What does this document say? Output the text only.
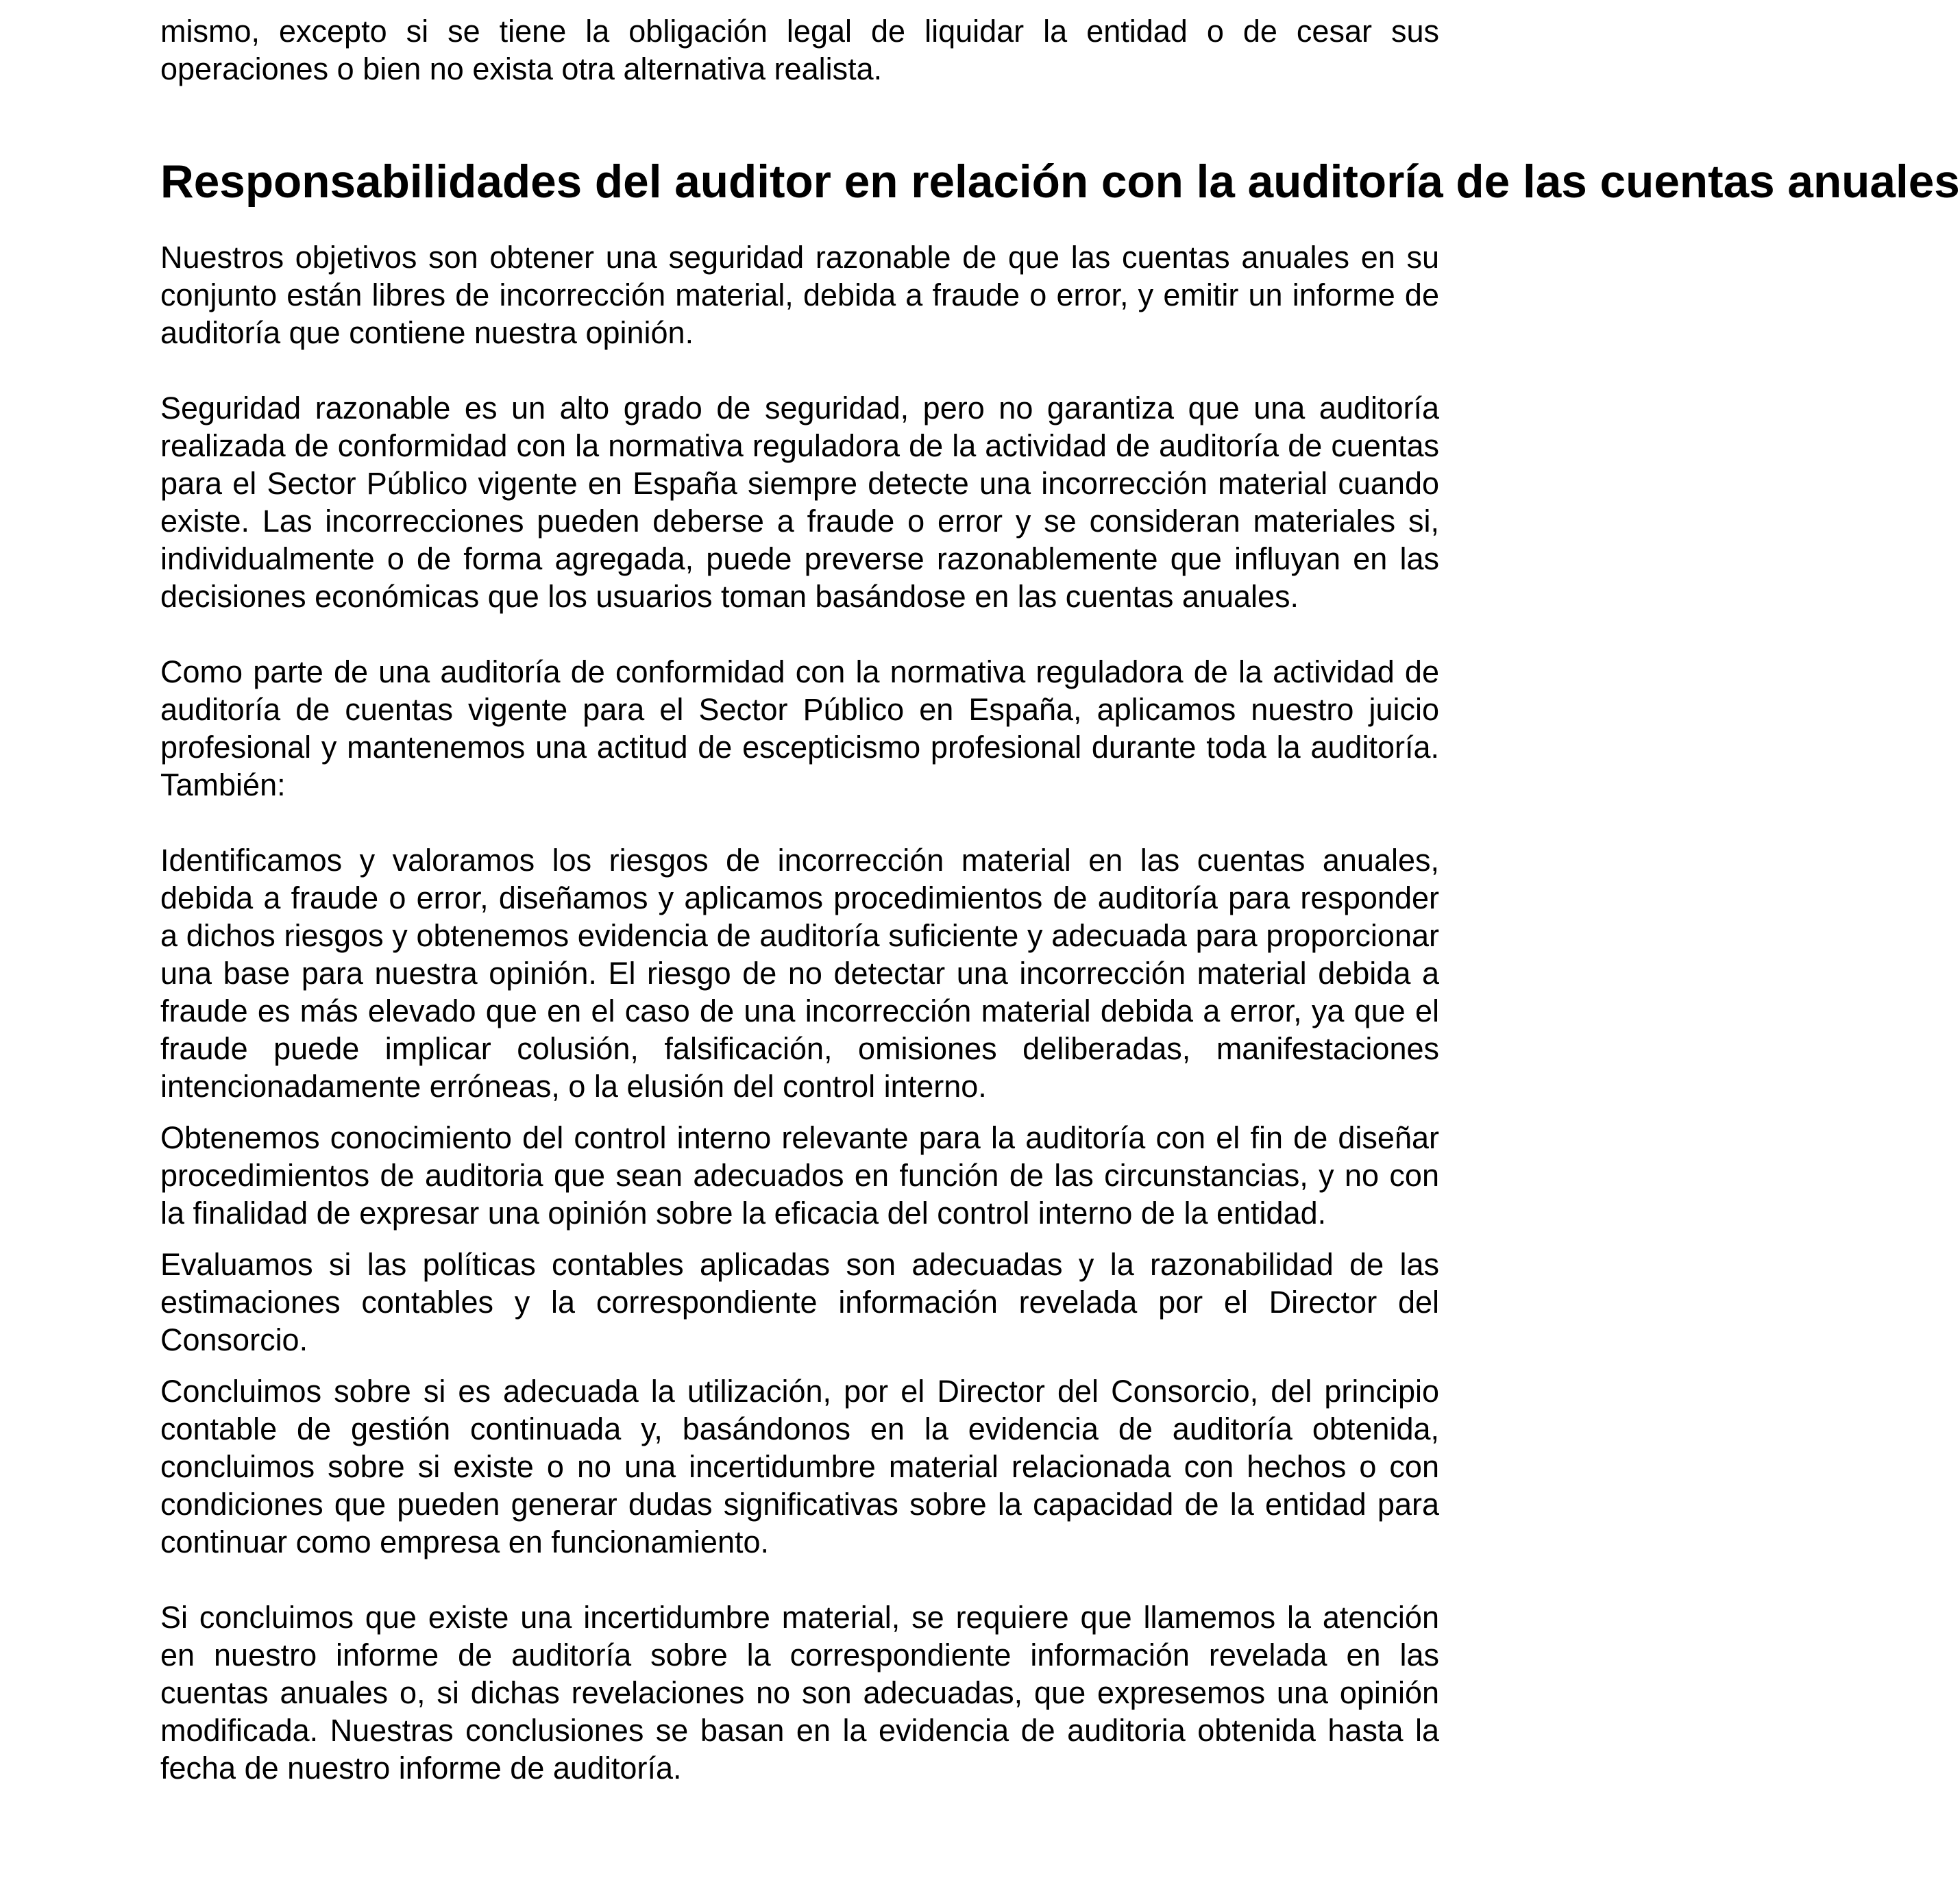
mismo, excepto si se tiene la obligación legal de liquidar la entidad o de cesar sus operaciones o bien no exista otra alternativa realista.

Responsabilidades del auditor en relación con la auditoría de las cuentas anuales

Nuestros objetivos son obtener una seguridad razonable de que las cuentas anuales en su conjunto están libres de incorrección material, debida a fraude o error, y emitir un informe de auditoría que contiene nuestra opinión.

Seguridad razonable es un alto grado de seguridad, pero no garantiza que una auditoría realizada de conformidad con la normativa reguladora de la actividad de auditoría de cuentas para el Sector Público vigente en España siempre detecte una incorrección material cuando existe. Las incorrecciones pueden deberse a fraude o error y se consideran materiales si, individualmente o de forma agregada, puede preverse razonablemente que influyan en las decisiones económicas que los usuarios toman basándose en las cuentas anuales.

Como parte de una auditoría de conformidad con la normativa reguladora de la actividad de auditoría de cuentas vigente para el Sector Público en España, aplicamos nuestro juicio profesional y mantenemos una actitud de escepticismo profesional durante toda la auditoría. También:

Identificamos y valoramos los riesgos de incorrección material en las cuentas anuales, debida a fraude o error, diseñamos y aplicamos procedimientos de auditoría para responder a dichos riesgos y obtenemos evidencia de auditoría suficiente y adecuada para proporcionar una base para nuestra opinión. El riesgo de no detectar una incorrección material debida a fraude es más elevado que en el caso de una incorrección material debida a error, ya que el fraude puede implicar colusión, falsificación, omisiones deliberadas, manifestaciones intencionadamente erróneas, o la elusión del control interno.

Obtenemos conocimiento del control interno relevante para la auditoría con el fin de diseñar procedimientos de auditoria que sean adecuados en función de las circunstancias, y no con la finalidad de expresar una opinión sobre la eficacia del control interno de la entidad.

Evaluamos si las políticas contables aplicadas son adecuadas y la razonabilidad de las estimaciones contables y la correspondiente información revelada por el Director del Consorcio.

Concluimos sobre si es adecuada la utilización, por el Director del Consorcio, del principio contable de gestión continuada y, basándonos en la evidencia de auditoría obtenida, concluimos sobre si existe o no una incertidumbre material relacionada con hechos o con condiciones que pueden generar dudas significativas sobre la capacidad de la entidad para continuar como empresa en funcionamiento.

Si concluimos que existe una incertidumbre material, se requiere que llamemos la atención en nuestro informe de auditoría sobre la correspondiente información revelada en las cuentas anuales o, si dichas revelaciones no son adecuadas, que expresemos una opinión modificada. Nuestras conclusiones se basan en la evidencia de auditoria obtenida hasta la fecha de nuestro informe de auditoría.
